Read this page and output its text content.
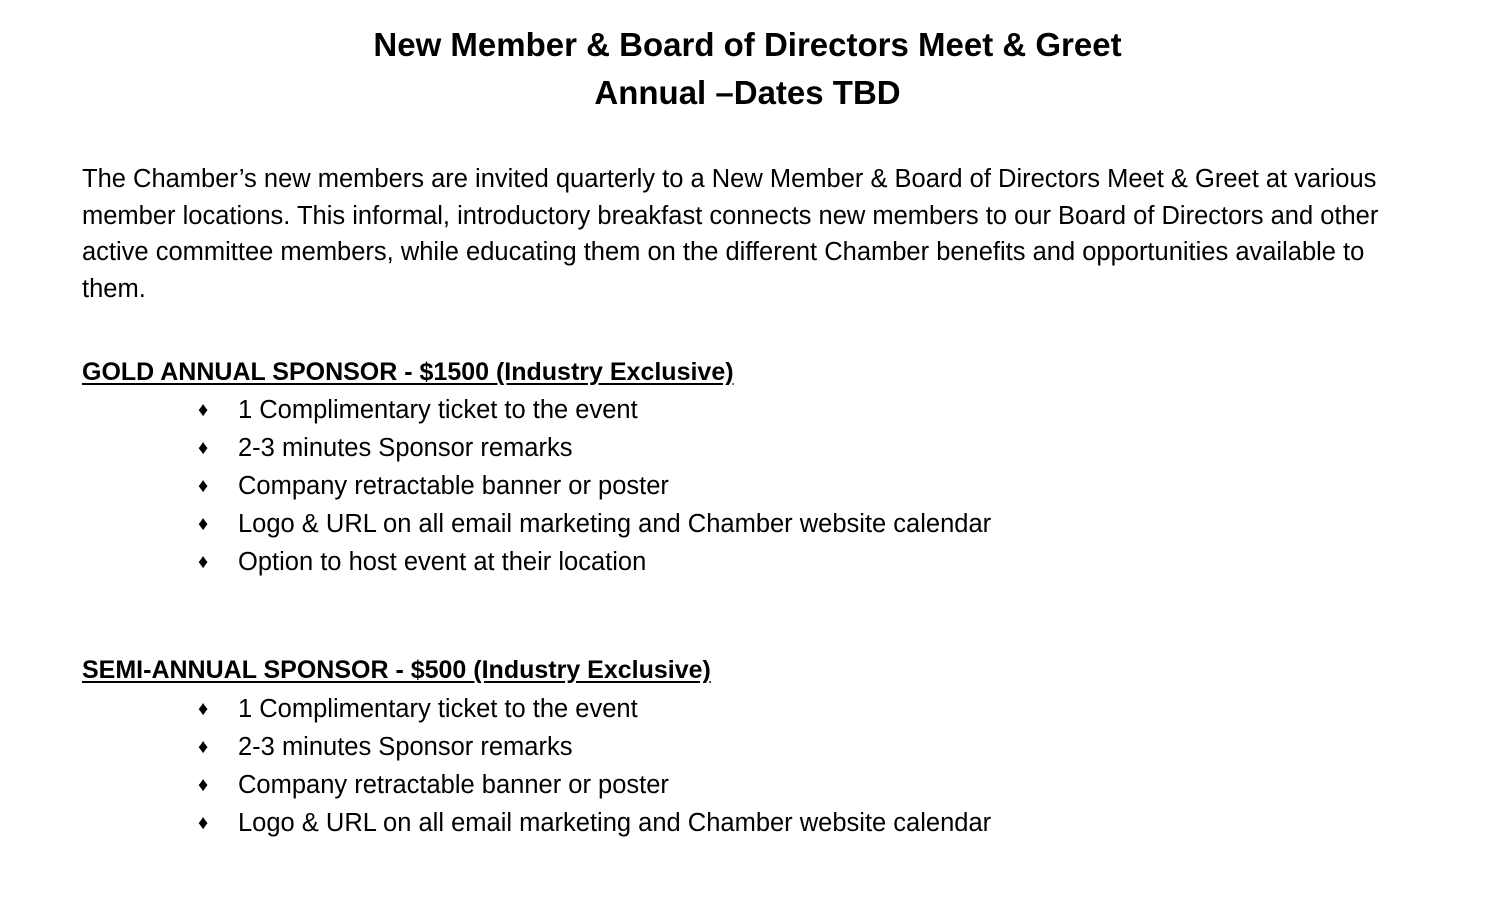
New Member & Board of Directors Meet & Greet
Annual –Dates TBD

The Chamber’s new members are invited quarterly to a New Member & Board of Directors Meet & Greet at various member locations. This informal, introductory breakfast connects new members to our Board of Directors and other active committee members, while educating them on the different Chamber benefits and opportunities available to them.

GOLD ANNUAL SPONSOR - $1500 (Industry Exclusive)
♦ 1 Complimentary ticket to the event
♦ 2-3 minutes Sponsor remarks
♦ Company retractable banner or poster
♦ Logo & URL on all email marketing and Chamber website calendar
♦ Option to host event at their location
SEMI-ANNUAL SPONSOR - $500 (Industry Exclusive)
♦ 1 Complimentary ticket to the event
♦ 2-3 minutes Sponsor remarks
♦ Company retractable banner or poster
♦ Logo & URL on all email marketing and Chamber website calendar
